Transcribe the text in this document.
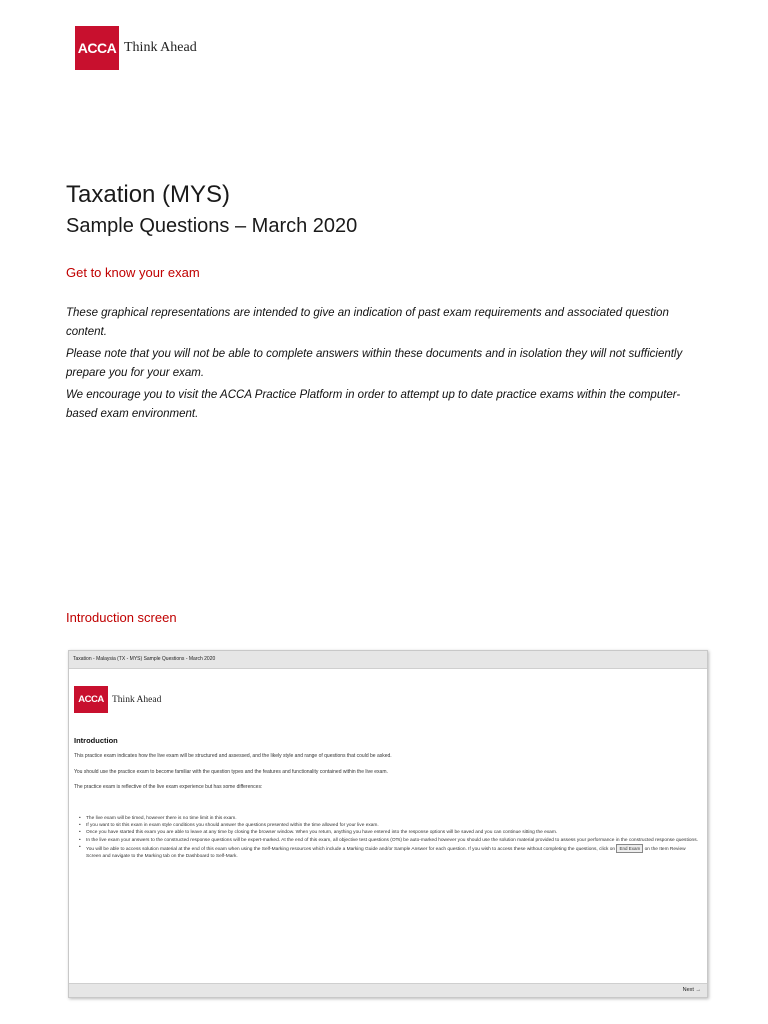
ACCA Think Ahead
Taxation (MYS)
Sample Questions – March 2020
Get to know your exam

These graphical representations are intended to give an indication of past exam requirements and associated question content.

Please note that you will not be able to complete answers within these documents and in isolation they will not sufficiently prepare you for your exam.

We encourage you to visit the ACCA Practice Platform in order to attempt up to date practice exams within the computer-based exam environment.

Introduction screen
Taxation - Malaysia (TX - MYS) Sample Questions - March 2020
ACCA Think Ahead
Introduction
This practice exam indicates how the live exam will be structured and assessed, and the likely style and range of questions that could be asked.
You should use the practice exam to become familiar with the question types and the features and functionality contained within the live exam.
The practice exam is reflective of the live exam experience but has some differences:
• The live exam will be timed, however there is no time limit in this exam.
• If you want to sit this exam in exam style conditions you should answer the questions presented within the time allowed for your live exam.
• Once you have started this exam you are able to leave at any time by closing the browser window. When you return, anything you have entered into the response options will be saved and you can continue sitting the exam.
• In the live exam your answers to the constructed response questions will be expert-marked. At the end of this exam, all objective test questions (OTs) be auto-marked however you should use the solution material provided to assess your performance in the constructed response questions.
• You will be able to access solution material at the end of this exam when using the Self-Marking resources which include a Marking Guide and/or Sample Answer for each question. If you wish to access these without completing the questions, click on End Exam on the Item Review Screen and navigate to the Marking tab on the Dashboard to Self-Mark.
Next →
